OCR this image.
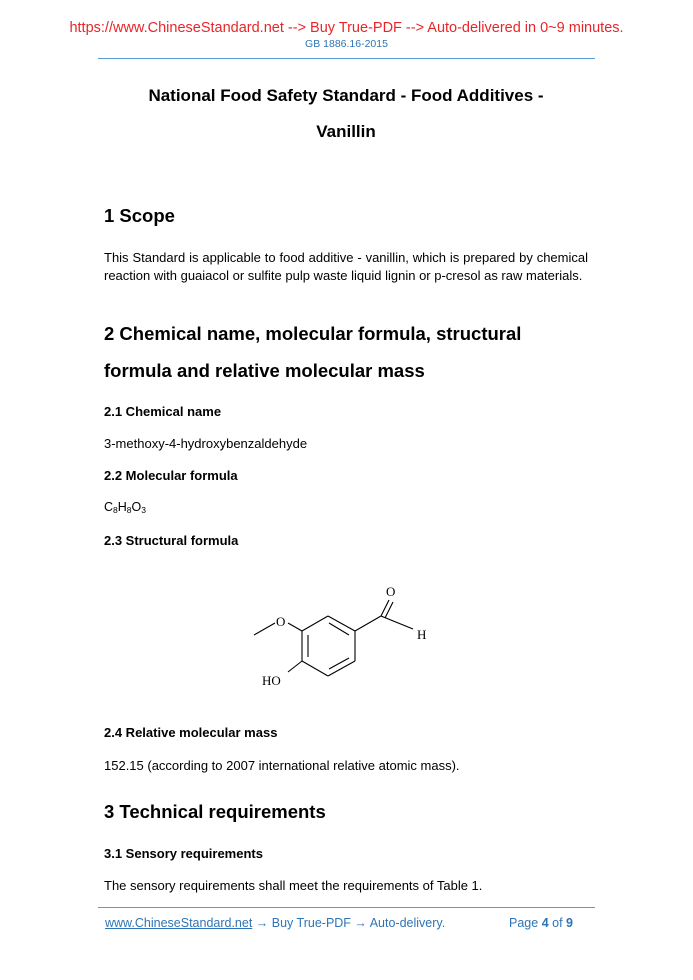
https://www.ChineseStandard.net --> Buy True-PDF --> Auto-delivered in 0~9 minutes.
GB 1886.16-2015
National Food Safety Standard - Food Additives -
Vanillin
1 Scope
This Standard is applicable to food additive - vanillin, which is prepared by chemical reaction with guaiacol or sulfite pulp waste liquid lignin or p-cresol as raw materials.
2 Chemical name, molecular formula, structural
formula and relative molecular mass
2.1 Chemical name
3-methoxy-4-hydroxybenzaldehyde
2.2 Molecular formula
$C_8H_8O_3$
2.3 Structural formula
O
H
O
HO
2.4 Relative molecular mass
152.15 (according to 2007 international relative atomic mass).
3 Technical requirements
3.1 Sensory requirements
The sensory requirements shall meet the requirements of Table 1.
www.ChineseStandard.net → Buy True-PDF → Auto-delivery.	Page 4 of 9
